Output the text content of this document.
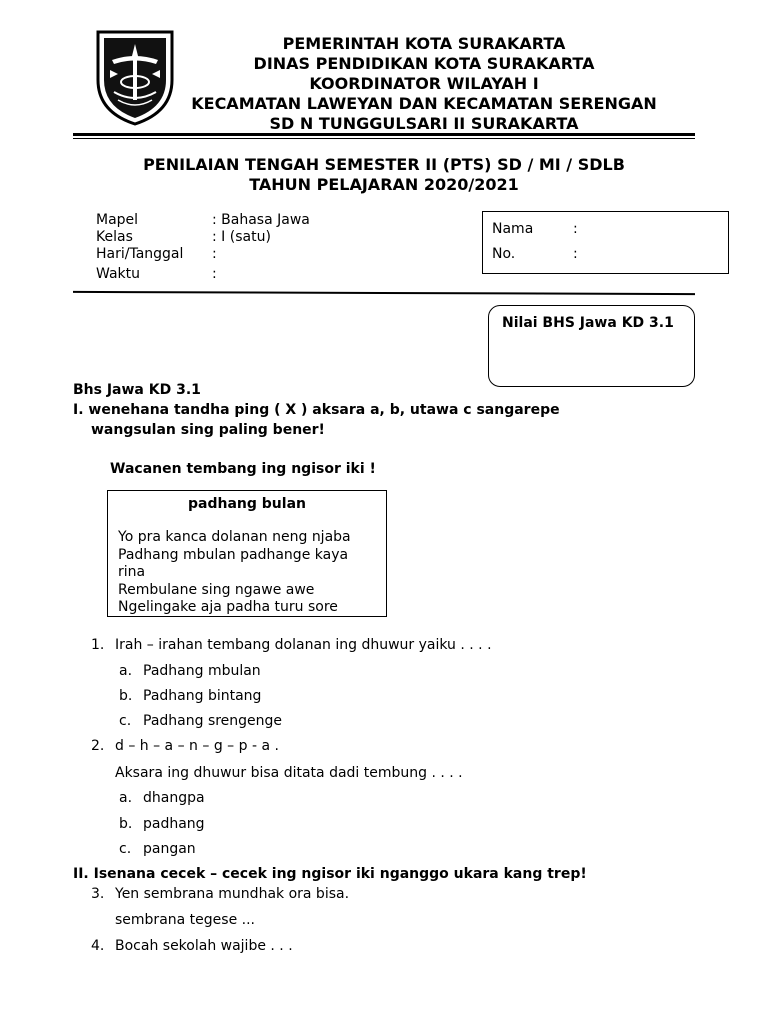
PEMERINTAH KOTA SURAKARTA
DINAS PENDIDIKAN KOTA SURAKARTA
KOORDINATOR WILAYAH I
KECAMATAN LAWEYAN DAN KECAMATAN SERENGAN
SD N TUNGGULSARI II SURAKARTA
PENILAIAN TENGAH SEMESTER II (PTS) SD / MI / SDLB
TAHUN PELAJARAN 2020/2021
Mapel	: Bahasa Jawa
Kelas	: I (satu)
Hari/Tanggal :
Waktu	:
Nama	:
No.	:
Nilai BHS Jawa KD 3.1
Bhs Jawa KD 3.1
I. wenehana tandha ping ( X ) aksara a, b, utawa c sangarepe
wangsulan sing paling bener!
Wacanen tembang ing ngisor iki !
padhang bulan
Yo pra kanca dolanan neng njaba
Padhang mbulan padhange kaya
rina
Rembulane sing ngawe awe
Ngelingake aja padha turu sore
1. Irah – irahan tembang dolanan ing dhuwur yaiku . . . .
a. Padhang mbulan
b. Padhang bintang
c. Padhang srengenge
2. d – h – a – n – g – p - a .
Aksara ing dhuwur bisa ditata dadi tembung . . . .
a. dhangpa
b. padhang
c. pangan
II. Isenana cecek – cecek ing ngisor iki nganggo ukara kang trep!
3. Yen sembrana mundhak ora bisa.
sembrana tegese ...
4. Bocah sekolah wajibe . . .
